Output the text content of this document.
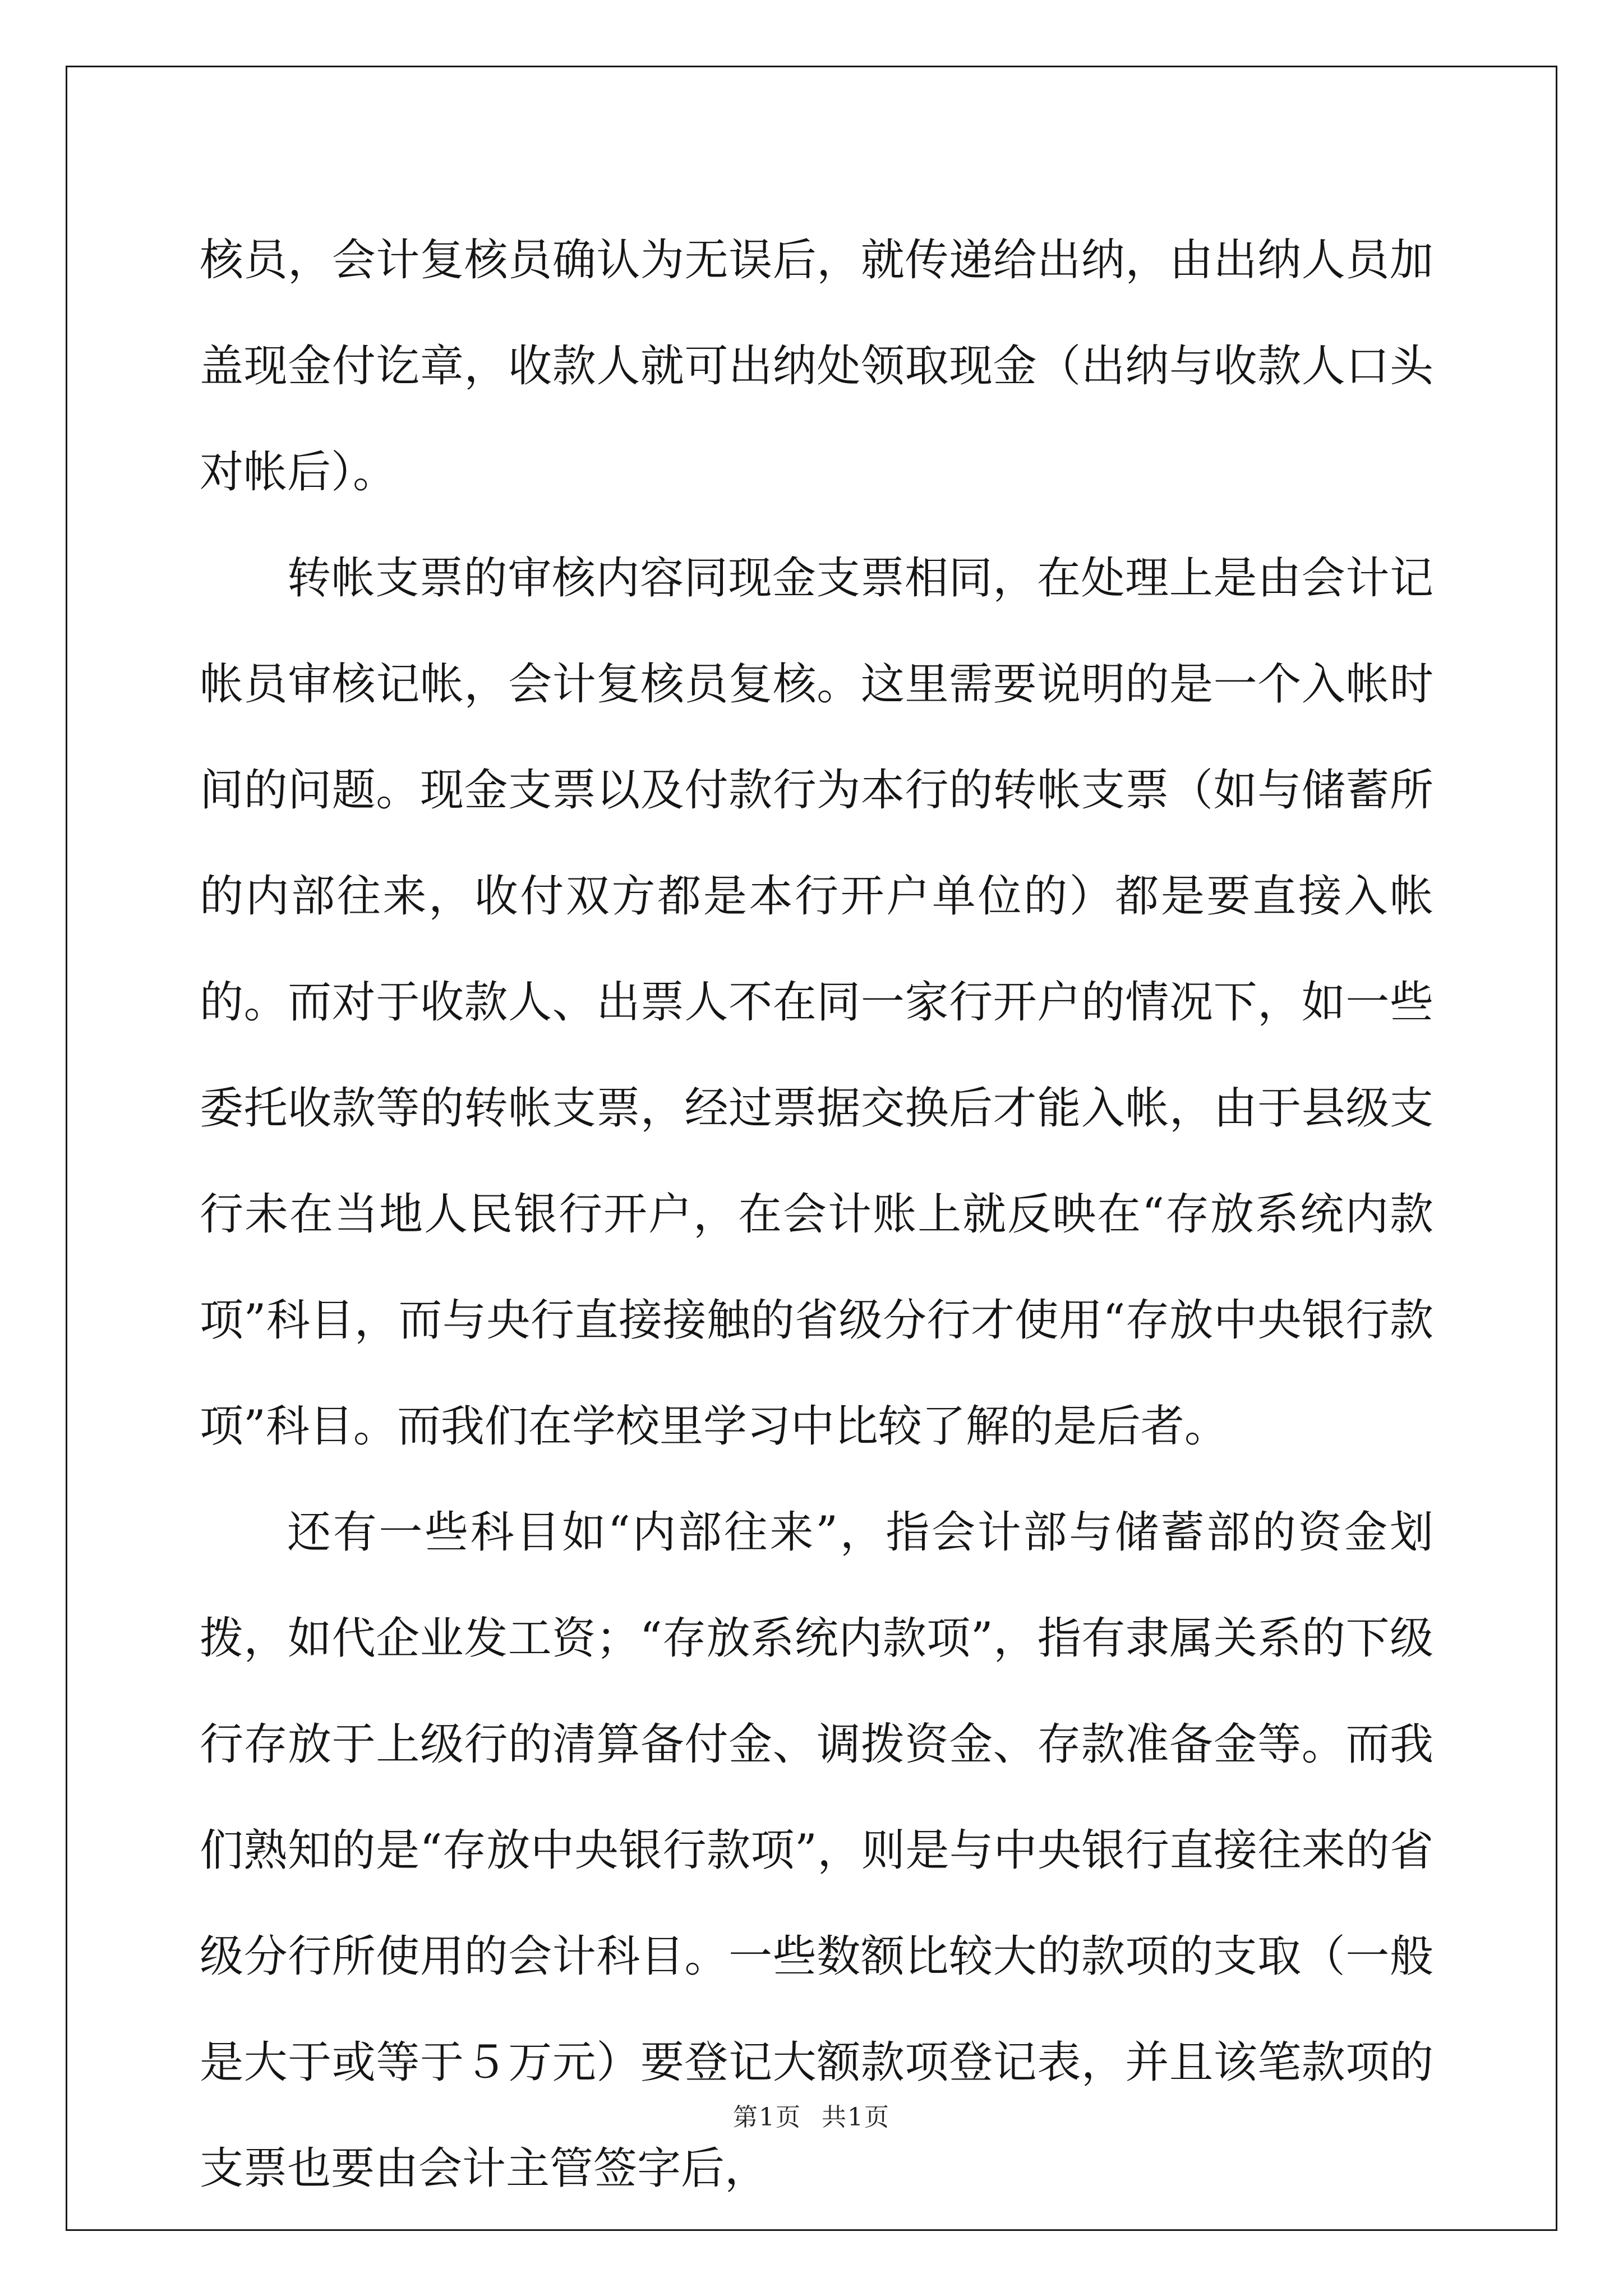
核员，会计复核员确认为无误后，就传递给出纳，由出纳人员加盖现金付讫章，收款人就可出纳处领取现金（出纳与收款人口头对帐后）。

转帐支票的审核内容同现金支票相同，在处理上是由会计记帐员审核记帐，会计复核员复核。这里需要说明的是一个入帐时间的问题。现金支票以及付款行为本行的转帐支票（如与储蓄所的内部往来，收付双方都是本行开户单位的）都是要直接入帐的。而对于收款人、出票人不在同一家行开户的情况下，如一些委托收款等的转帐支票，经过票据交换后才能入帐，由于县级支行未在当地人民银行开户，在会计账上就反映在“存放系统内款项”科目，而与央行直接接触的省级分行才使用“存放中央银行款项”科目。而我们在学校里学习中比较了解的是后者。

还有一些科目如“内部往来”，指会计部与储蓄部的资金划拨，如代企业发工资；“存放系统内款项”，指有隶属关系的下级行存放于上级行的清算备付金、调拨资金、存款准备金等。而我们熟知的是“存放中央银行款项”，则是与中央银行直接往来的省级分行所使用的会计科目。一些数额比较大的款项的支取（一般是大于或等于５万元）要登记大额款项登记表，并且该笔款项的支票也要由会计主管签字后，

第1页 共1页
